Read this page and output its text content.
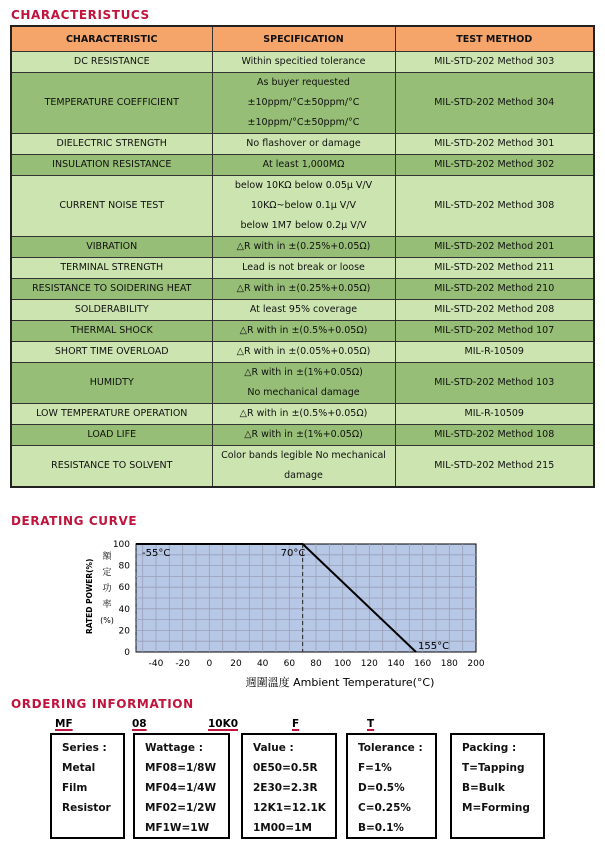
CHARACTERISTUCS
CHARACTERISTIC	SPECIFICATION	TEST METHOD
DC RESISTANCE	Within specitied tolerance	MIL-STD-202 Method 303
TEMPERATURE COEFFICIENT	As buyer requested
±10ppm/°C±50ppm/°C
±10ppm/°C±50ppm/°C	MIL-STD-202 Method 304
DIELECTRIC STRENGTH	No flashover or damage	MIL-STD-202 Method 301
INSULATION RESISTANCE	At least 1,000MΩ	MIL-STD-202 Method 302
CURRENT NOISE TEST	below 10KΩ below 0.05µ V/V
10KΩ~below 0.1µ V/V
below 1M7 below 0.2µ V/V	MIL-STD-202 Method 308
VIBRATION	△R with in ±(0.25%+0.05Ω)	MIL-STD-202 Method 201
TERMINAL STRENGTH	Lead is not break or loose	MIL-STD-202 Method 211
RESISTANCE TO SOIDERING HEAT	△R with in ±(0.25%+0.05Ω)	MIL-STD-202 Method 210
SOLDERABILITY	At least 95% coverage	MIL-STD-202 Method 208
THERMAL SHOCK	△R with in ±(0.5%+0.05Ω)	MIL-STD-202 Method 107
SHORT TIME OVERLOAD	△R with in ±(0.05%+0.05Ω)	MIL-R-10509
HUMIDTY	△R with in ±(1%+0.05Ω)
No mechanical damage	MIL-STD-202 Method 103
LOW TEMPERATURE OPERATION	△R with in ±(0.5%+0.05Ω)	MIL-R-10509
LOAD LIFE	△R with in ±(1%+0.05Ω)	MIL-STD-202 Method 108
RESISTANCE TO SOLVENT	Color bands legible No mechanical
damage	MIL-STD-202 Method 215
DERATING CURVE
0
20
40
60
80
100
-40 -20 0 20 40 60 80 100 120 140 160 180 200
-55°C	70°C
155°C
RATED POWER(%)
額
定
功
率
(%)
週圍溫度 Ambient Temperature(°C)
ORDERING INFORMATION
MF	08	10K0	F	T
Series :
Metal
Film
Resistor
Wattage :
MF08=1/8W
MF04=1/4W
MF02=1/2W
MF1W=1W
Value :
0E50=0.5R
2E30=2.3R
12K1=12.1K
1M00=1M
Tolerance :
F=1%
D=0.5%
C=0.25%
B=0.1%
Packing :
T=Tapping
B=Bulk
M=Forming
